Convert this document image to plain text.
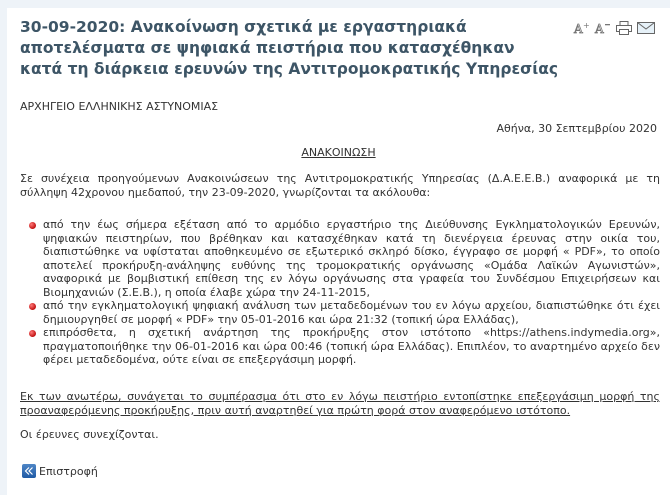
30-09-2020: Ανακοίνωση σχετικά με εργαστηριακά αποτελέσματα σε ψηφιακά πειστήρια που κατασχέθηκαν κατά τη διάρκεια ερευνών της Αντιτρομοκρατικής Υπηρεσίας
A + A
ΑΡΧΗΓΕΙΟ ΕΛΛΗΝΙΚΗΣ ΑΣΤΥΝΟΜΙΑΣ
Αθήνα, 30 Σεπτεμβρίου 2020
ΑΝΑΚΟΙΝΩΣΗ

Σε συνέχεια προηγούμενων Ανακοινώσεων της Αντιτρομοκρατικής Υπηρεσίας (Δ.Α.Ε.Ε.Β.) αναφορικά με τη σύλληψη 42χρονου ημεδαπού, την 23-09-2020, γνωρίζονται τα ακόλουθα:

από την έως σήμερα εξέταση από το αρμόδιο εργαστήριο της Διεύθυνσης Εγκληματολογικών Ερευνών, ψηφιακών πειστηρίων, που βρέθηκαν και κατασχέθηκαν κατά τη διενέργεια έρευνας στην οικία του, διαπιστώθηκε να υφίσταται αποθηκευμένο σε εξωτερικό σκληρό δίσκο, έγγραφο σε μορφή « PDF», το οποίο αποτελεί προκήρυξη-ανάληψης ευθύνης της τρομοκρατικής οργάνωσης «Ομάδα Λαϊκών Αγωνιστών», αναφορικά με βομβιστική επίθεση της εν λόγω οργάνωσης στα γραφεία του Συνδέσμου Επιχειρήσεων και Βιομηχανιών (Σ.Ε.Β.), η οποία έλαβε χώρα την 24-11-2015,
από την εγκληματολογική ψηφιακή ανάλυση των μεταδεδομένων του εν λόγω αρχείου, διαπιστώθηκε ότι έχει δημιουργηθεί σε μορφή « PDF» την 05-01-2016 και ώρα 21:32 (τοπική ώρα Ελλάδας),
επιπρόσθετα, η σχετική ανάρτηση της προκήρυξης στον ιστότοπο «https://athens.indymedia.org», πραγματοποιήθηκε την 06-01-2016 και ώρα 00:46 (τοπική ώρα Ελλάδας). Επιπλέον, το αναρτημένο αρχείο δεν φέρει μεταδεδομένα, ούτε είναι σε επεξεργάσιμη μορφή.

Εκ των ανωτέρω, συνάγεται το συμπέρασμα ότι στο εν λόγω πειστήριο εντοπίστηκε επεξεργάσιμη μορφή της προαναφερόμενης προκήρυξης, πριν αυτή αναρτηθεί για πρώτη φορά στον αναφερόμενο ιστότοπο.

Οι έρευνες συνεχίζονται.

Επιστροφή
